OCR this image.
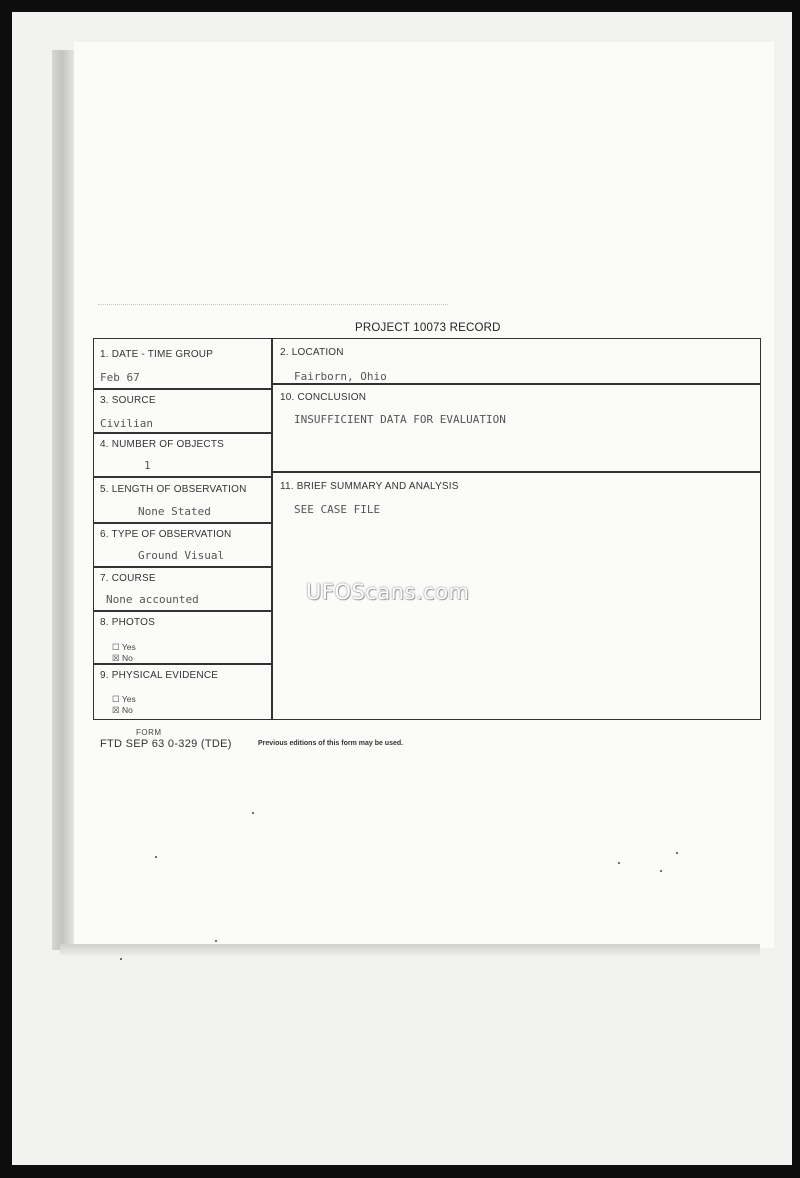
PROJECT 10073 RECORD
1. DATE - TIME GROUP
Feb 67
2. LOCATION
Fairborn, Ohio
3. SOURCE
Civilian
10. CONCLUSION
INSUFFICIENT DATA FOR EVALUATION
4. NUMBER OF OBJECTS
1
5. LENGTH OF OBSERVATION
None Stated
11. BRIEF SUMMARY AND ANALYSIS
SEE CASE FILE
6. TYPE OF OBSERVATION
Ground Visual
7. COURSE
None accounted
8. PHOTOS
☐ Yes
☒ No
9. PHYSICAL EVIDENCE
☐ Yes
☒ No
UFOScans.com
FORM
FTD SEP 63 0-329 (TDE)	Previous editions of this form may be used.
